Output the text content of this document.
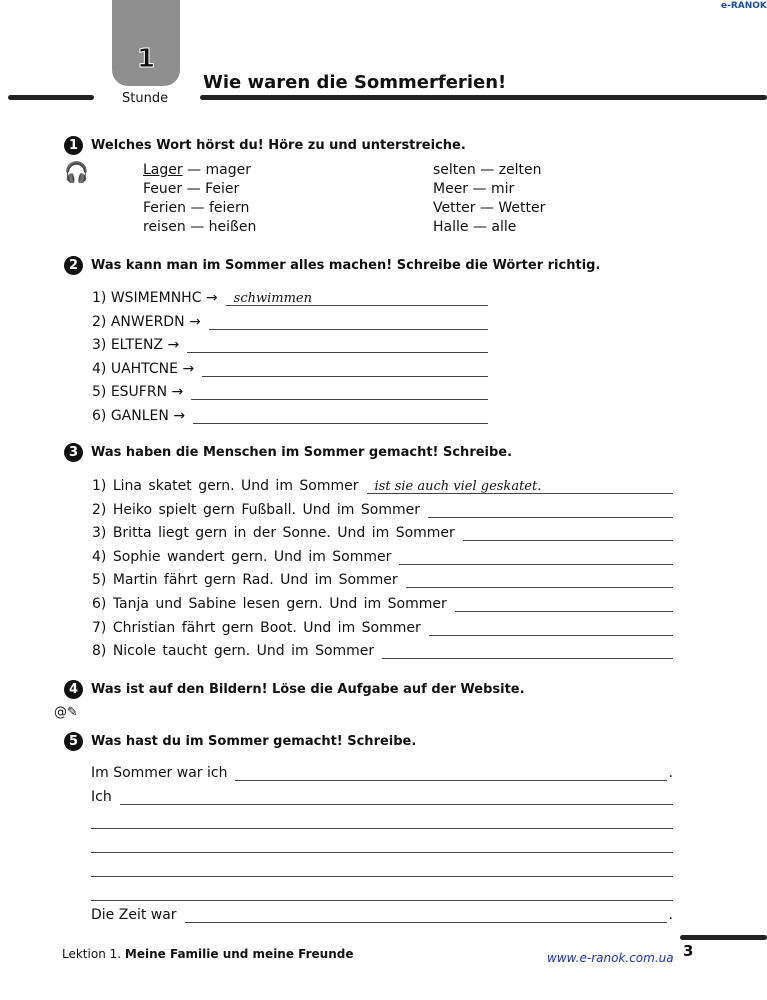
1
Stunde
Wie waren die Sommerferien!
e-RANOK
1 Welches Wort hörst du! Höre zu und unterstreiche.
🎧	Lager — mager
Feuer — Feier
Ferien — feiern
reisen — heißen
selten — zelten
Meer — mir
Vetter — Wetter
Halle — alle
2 Was kann man im Sommer alles machen! Schreibe die Wörter richtig.
1)
WSIMEMNHC
→	schwimmen
2)
ANWERDN
→
3)
ELTENZ
→
4)
UAHTCNE
→
5)
ESUFRN
→
6)
GANLEN
→
3 Was haben die Menschen im Sommer gemacht! Schreibe.
1) Lina skatet gern. Und im Sommer	ist sie auch viel geskatet.
2) Heiko spielt gern Fußball. Und im Sommer
3) Britta liegt gern in der Sonne. Und im Sommer
4) Sophie wandert gern. Und im Sommer
5) Martin fährt gern Rad. Und im Sommer
6) Tanja und Sabine lesen gern. Und im Sommer
7) Christian fährt gern Boot. Und im Sommer
8) Nicole taucht gern. Und im Sommer
4 Was ist auf den Bildern! Löse die Aufgabe auf der Website.
@✎
5 Was hast du im Sommer gemacht! Schreibe.
Im Sommer war ich	.
Ich
Die Zeit war	.
Lektion 1. Meine Familie und meine Freunde	www.e-ranok.com.ua 3
